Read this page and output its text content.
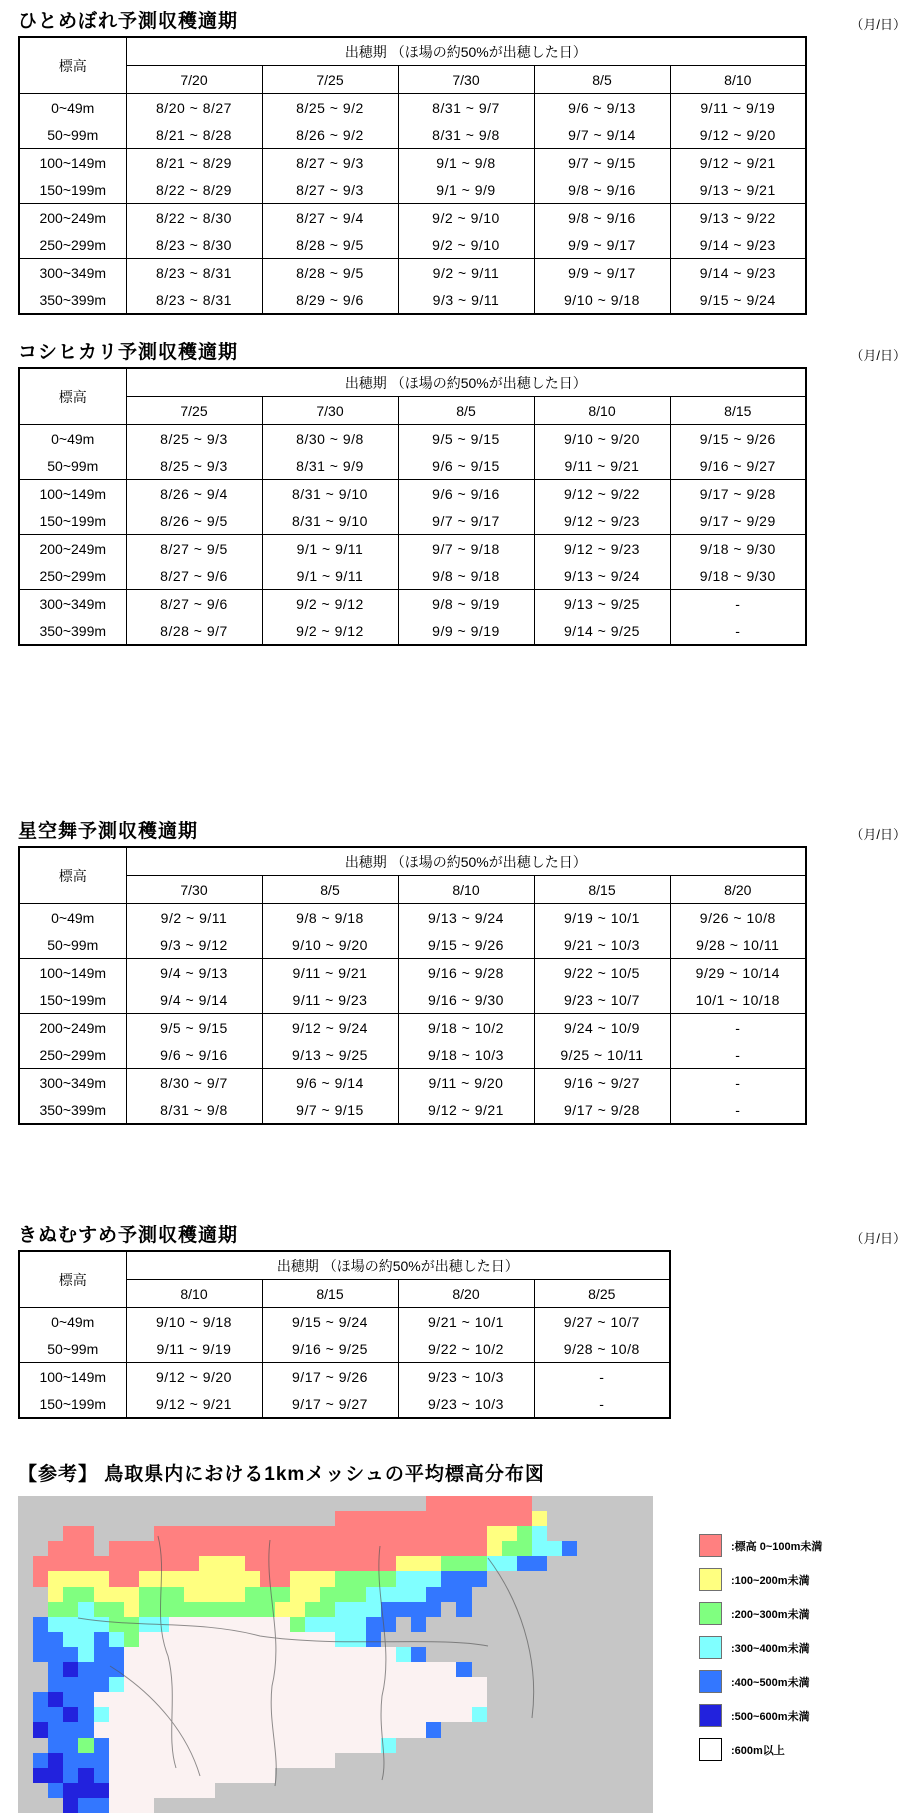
ひとめぼれ予測収穫適期	（月/日）
標高	出穂期 （ほ場の約50%が出穂した日）				
	7/20	7/25	7/30	8/5	8/10
0~49m	8/20 ~ 8/27	8/25 ~ 9/2	8/31 ~ 9/7	9/6 ~ 9/13	9/11 ~ 9/19
50~99m	8/21 ~ 8/28	8/26 ~ 9/2	8/31 ~ 9/8	9/7 ~ 9/14	9/12 ~ 9/20
100~149m	8/21 ~ 8/29	8/27 ~ 9/3	9/1 ~ 9/8	9/7 ~ 9/15	9/12 ~ 9/21
150~199m	8/22 ~ 8/29	8/27 ~ 9/3	9/1 ~ 9/9	9/8 ~ 9/16	9/13 ~ 9/21
200~249m	8/22 ~ 8/30	8/27 ~ 9/4	9/2 ~ 9/10	9/8 ~ 9/16	9/13 ~ 9/22
250~299m	8/23 ~ 8/30	8/28 ~ 9/5	9/2 ~ 9/10	9/9 ~ 9/17	9/14 ~ 9/23
300~349m	8/23 ~ 8/31	8/28 ~ 9/5	9/2 ~ 9/11	9/9 ~ 9/17	9/14 ~ 9/23
350~399m	8/23 ~ 8/31	8/29 ~ 9/6	9/3 ~ 9/11	9/10 ~ 9/18	9/15 ~ 9/24
コシヒカリ予測収穫適期	（月/日）
標高	出穂期 （ほ場の約50%が出穂した日）				
	7/25	7/30	8/5	8/10	8/15
0~49m	8/25 ~ 9/3	8/30 ~ 9/8	9/5 ~ 9/15	9/10 ~ 9/20	9/15 ~ 9/26
50~99m	8/25 ~ 9/3	8/31 ~ 9/9	9/6 ~ 9/15	9/11 ~ 9/21	9/16 ~ 9/27
100~149m	8/26 ~ 9/4	8/31 ~ 9/10	9/6 ~ 9/16	9/12 ~ 9/22	9/17 ~ 9/28
150~199m	8/26 ~ 9/5	8/31 ~ 9/10	9/7 ~ 9/17	9/12 ~ 9/23	9/17 ~ 9/29
200~249m	8/27 ~ 9/5	9/1 ~ 9/11	9/7 ~ 9/18	9/12 ~ 9/23	9/18 ~ 9/30
250~299m	8/27 ~ 9/6	9/1 ~ 9/11	9/8 ~ 9/18	9/13 ~ 9/24	9/18 ~ 9/30
300~349m	8/27 ~ 9/6	9/2 ~ 9/12	9/8 ~ 9/19	9/13 ~ 9/25	-
350~399m	8/28 ~ 9/7	9/2 ~ 9/12	9/9 ~ 9/19	9/14 ~ 9/25	-
星空舞予測収穫適期	（月/日）
標高	出穂期 （ほ場の約50%が出穂した日）				
	7/30	8/5	8/10	8/15	8/20
0~49m	9/2 ~ 9/11	9/8 ~ 9/18	9/13 ~ 9/24	9/19 ~ 10/1	9/26 ~ 10/8
50~99m	9/3 ~ 9/12	9/10 ~ 9/20	9/15 ~ 9/26	9/21 ~ 10/3	9/28 ~ 10/11
100~149m	9/4 ~ 9/13	9/11 ~ 9/21	9/16 ~ 9/28	9/22 ~ 10/5	9/29 ~ 10/14
150~199m	9/4 ~ 9/14	9/11 ~ 9/23	9/16 ~ 9/30	9/23 ~ 10/7	10/1 ~ 10/18
200~249m	9/5 ~ 9/15	9/12 ~ 9/24	9/18 ~ 10/2	9/24 ~ 10/9	-
250~299m	9/6 ~ 9/16	9/13 ~ 9/25	9/18 ~ 10/3	9/25 ~ 10/11	-
300~349m	8/30 ~ 9/7	9/6 ~ 9/14	9/11 ~ 9/20	9/16 ~ 9/27	-
350~399m	8/31 ~ 9/8	9/7 ~ 9/15	9/12 ~ 9/21	9/17 ~ 9/28	-
きぬむすめ予測収穫適期	（月/日）
標高	出穂期 （ほ場の約50%が出穂した日）			
	8/10	8/15	8/20	8/25
0~49m	9/10 ~ 9/18	9/15 ~ 9/24	9/21 ~ 10/1	9/27 ~ 10/7
50~99m	9/11 ~ 9/19	9/16 ~ 9/25	9/22 ~ 10/2	9/28 ~ 10/8
100~149m	9/12 ~ 9/20	9/17 ~ 9/26	9/23 ~ 10/3	-
150~199m	9/12 ~ 9/21	9/17 ~ 9/27	9/23 ~ 10/3	-
【参考】 鳥取県内における1kmメッシュの平均標高分布図
:標高 0~100m未満
:100~200m未満
:200~300m未満
:300~400m未満
:400~500m未満
:500~600m未満
:600m以上
